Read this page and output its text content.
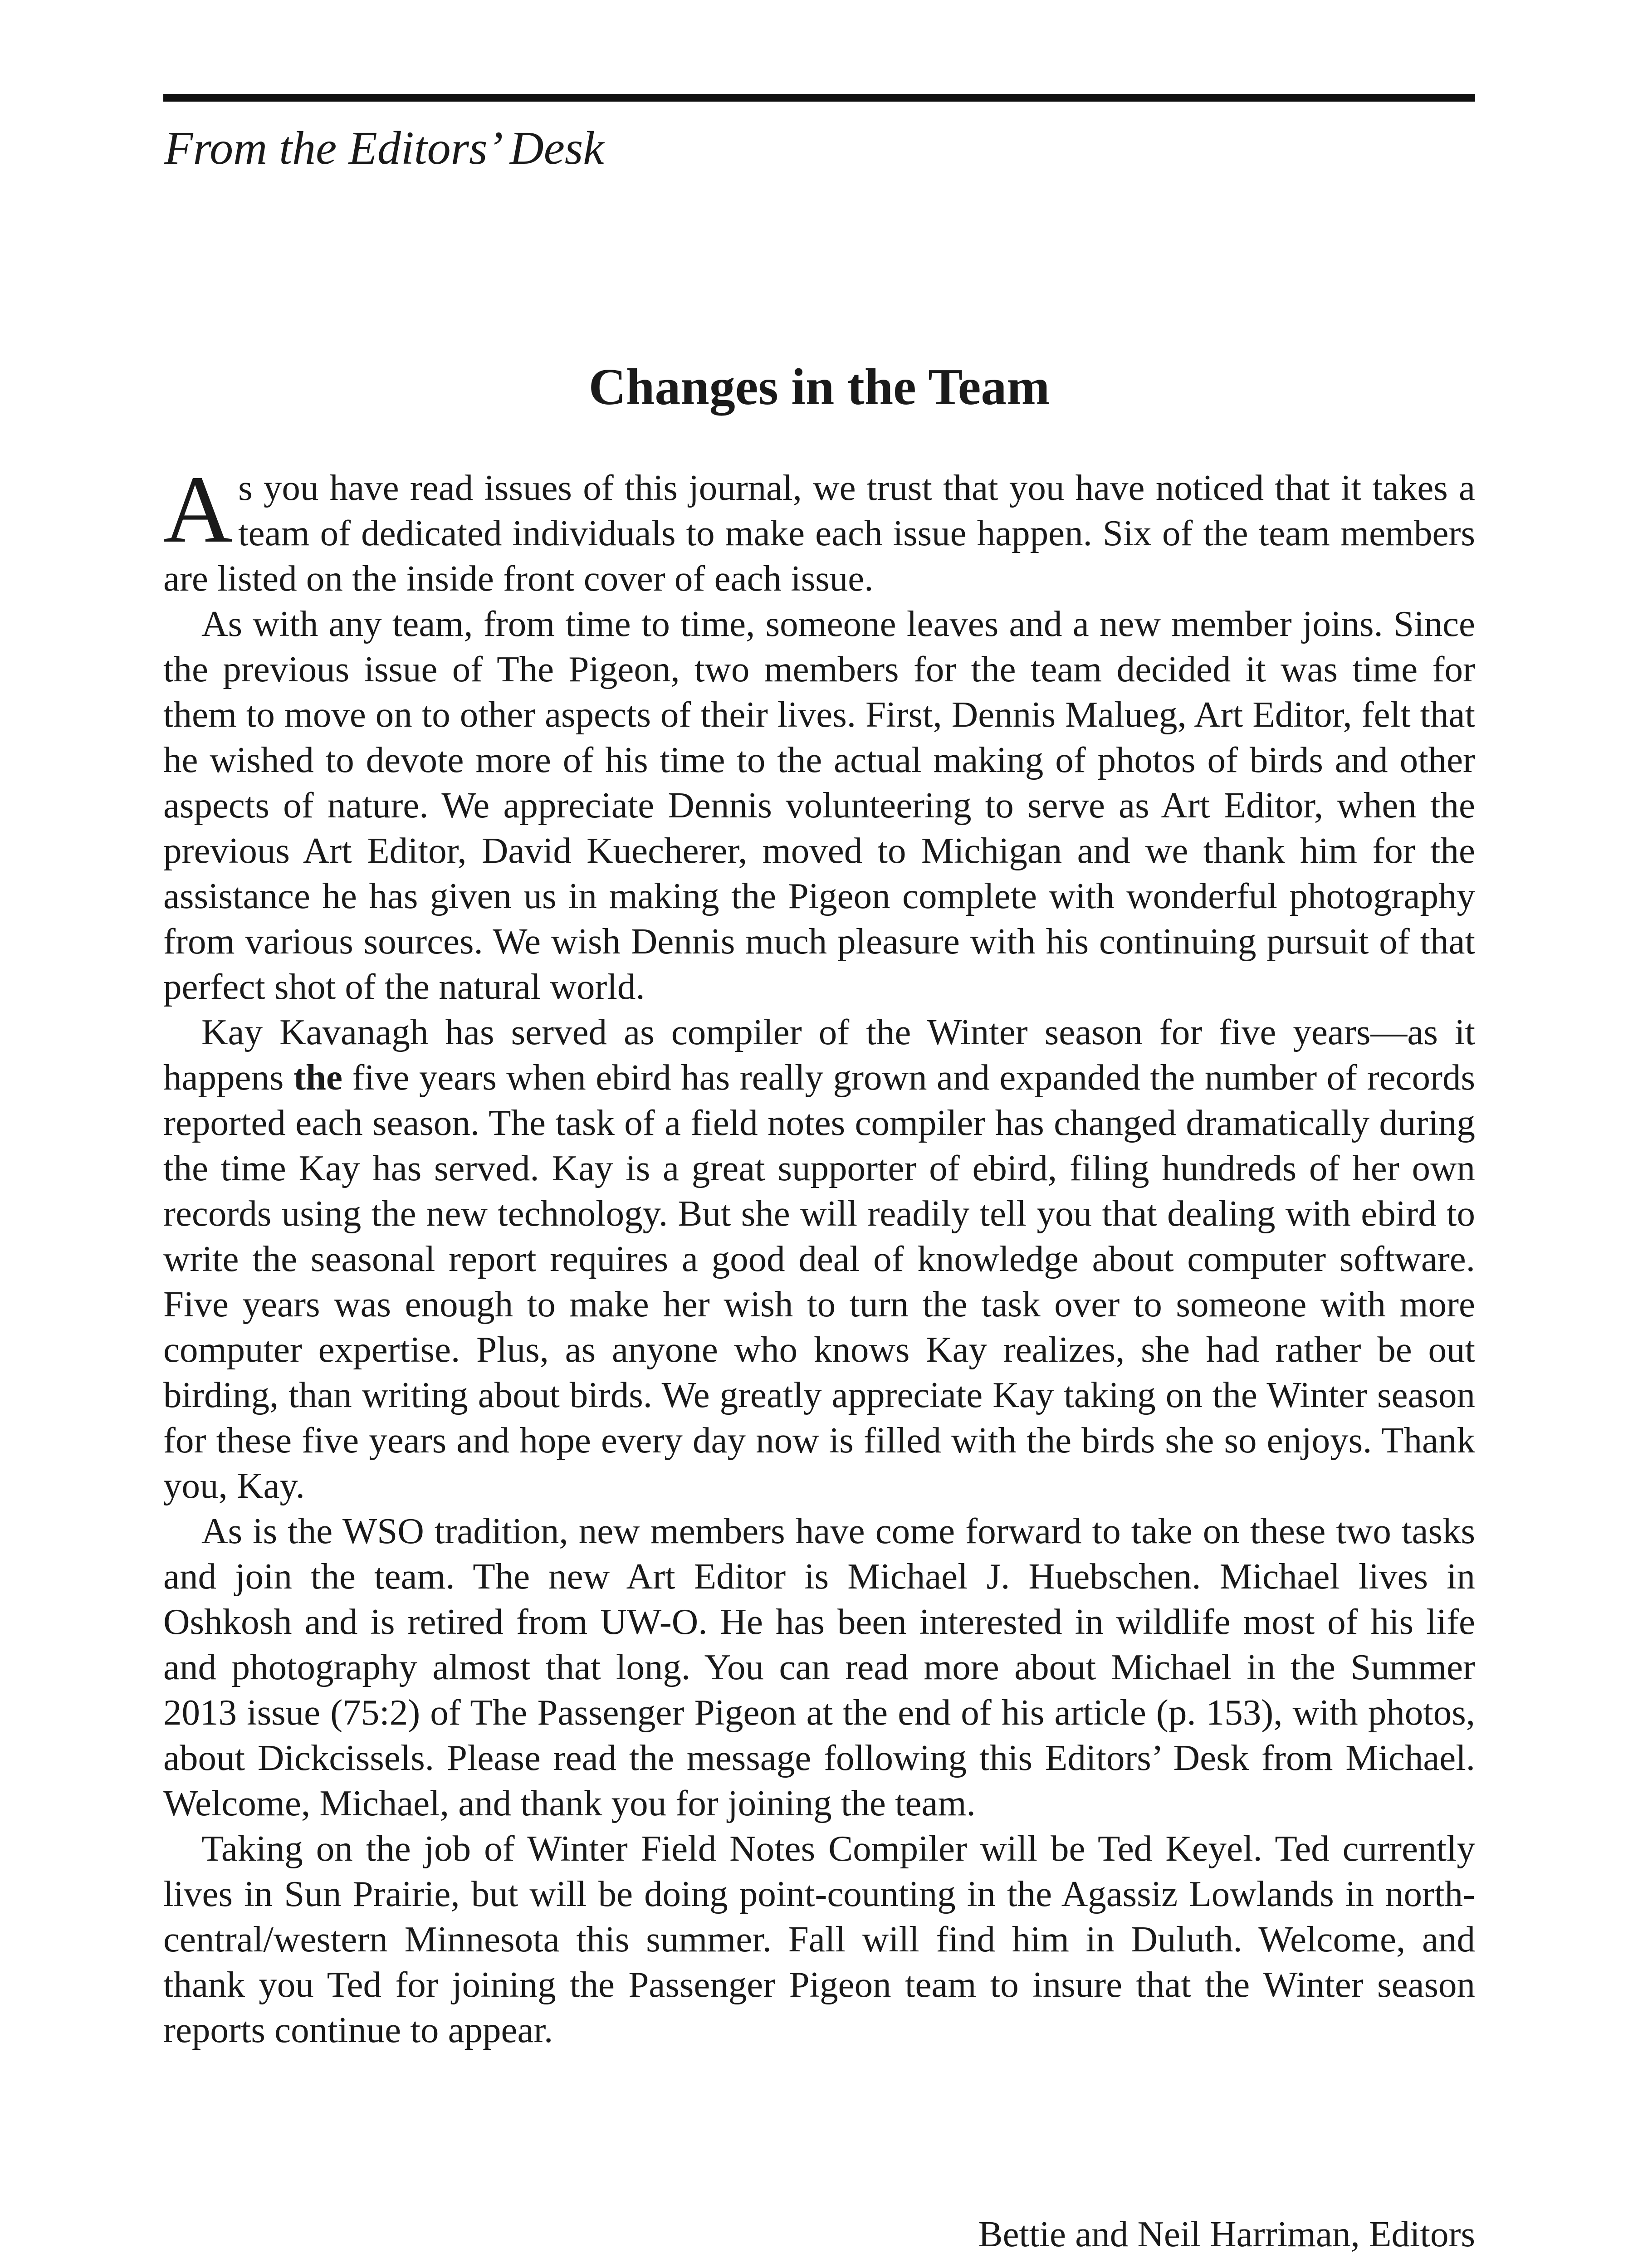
From the Editors’ Desk
Changes in the Team

As you have read issues of this journal, we trust that you have noticed that it takes a team of dedicated individuals to make each issue happen. Six of the team members are listed on the inside front cover of each issue.

As with any team, from time to time, someone leaves and a new member joins. Since the previous issue of The Pigeon, two members for the team decided it was time for them to move on to other aspects of their lives. First, Dennis Malueg, Art Editor, felt that he wished to devote more of his time to the actual making of photos of birds and other aspects of nature. We appreciate Dennis volunteering to serve as Art Editor, when the previous Art Editor, David Kuecherer, moved to Michigan and we thank him for the assistance he has given us in making the Pigeon complete with wonderful photography from various sources. We wish Dennis much pleasure with his continuing pursuit of that perfect shot of the natural world.

Kay Kavanagh has served as compiler of the Winter season for five years—as it happens the five years when ebird has really grown and expanded the number of records reported each season. The task of a field notes compiler has changed dramatically during the time Kay has served. Kay is a great supporter of ebird, filing hundreds of her own records using the new technology. But she will readily tell you that dealing with ebird to write the seasonal report requires a good deal of knowledge about computer software. Five years was enough to make her wish to turn the task over to someone with more computer expertise. Plus, as anyone who knows Kay realizes, she had rather be out birding, than writing about birds. We greatly appreciate Kay taking on the Winter season for these five years and hope every day now is filled with the birds she so enjoys. Thank you, Kay.

As is the WSO tradition, new members have come forward to take on these two tasks and join the team. The new Art Editor is Michael J. Huebschen. Michael lives in Oshkosh and is retired from UW-O. He has been interested in wildlife most of his life and photography almost that long. You can read more about Michael in the Summer 2013 issue (75:2) of The Passenger Pigeon at the end of his article (p. 153), with photos, about Dickcissels. Please read the message following this Editors’ Desk from Michael. Welcome, Michael, and thank you for joining the team.

Taking on the job of Winter Field Notes Compiler will be Ted Keyel. Ted currently lives in Sun Prairie, but will be doing point-counting in the Agassiz Lowlands in north-central/western Minnesota this summer. Fall will find him in Duluth. Welcome, and thank you Ted for joining the Passenger Pigeon team to insure that the Winter season reports continue to appear.

Bettie and Neil Harriman, Editors
